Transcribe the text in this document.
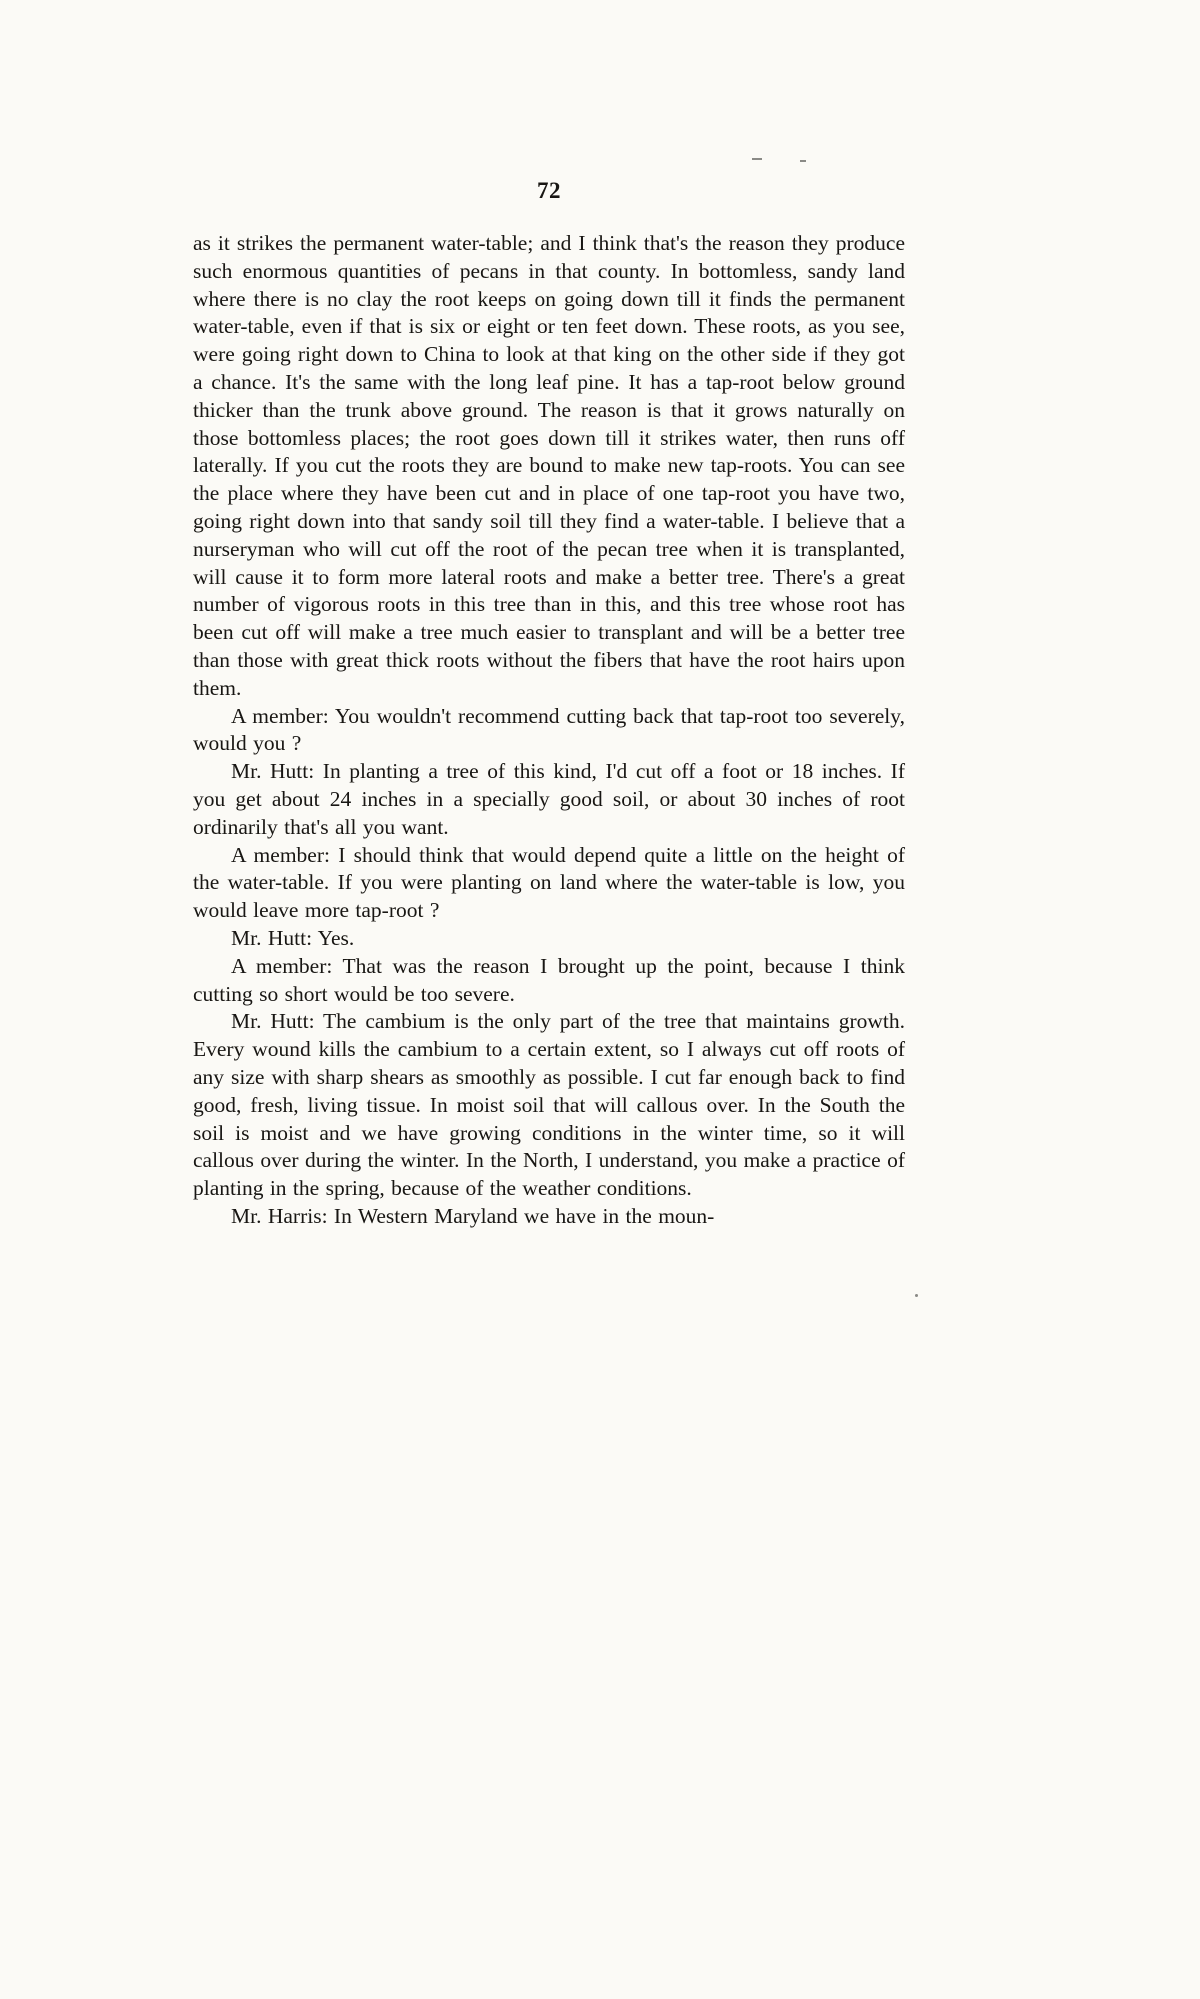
72

as it strikes the permanent water-table; and I think that's the reason they produce such enormous quantities of pecans in that county. In bottomless, sandy land where there is no clay the root keeps on going down till it finds the permanent water-table, even if that is six or eight or ten feet down. These roots, as you see, were going right down to China to look at that king on the other side if they got a chance. It's the same with the long leaf pine. It has a tap-root below ground thicker than the trunk above ground. The reason is that it grows naturally on those bottomless places; the root goes down till it strikes water, then runs off laterally. If you cut the roots they are bound to make new tap-roots. You can see the place where they have been cut and in place of one tap-root you have two, going right down into that sandy soil till they find a water-table. I believe that a nurseryman who will cut off the root of the pecan tree when it is transplanted, will cause it to form more lateral roots and make a better tree. There's a great number of vigorous roots in this tree than in this, and this tree whose root has been cut off will make a tree much easier to transplant and will be a better tree than those with great thick roots without the fibers that have the root hairs upon them.

A member: You wouldn't recommend cutting back that tap-root too severely, would you ?

Mr. Hutt: In planting a tree of this kind, I'd cut off a foot or 18 inches. If you get about 24 inches in a specially good soil, or about 30 inches of root ordinarily that's all you want.

A member: I should think that would depend quite a little on the height of the water-table. If you were planting on land where the water-table is low, you would leave more tap-root ?

Mr. Hutt: Yes.

A member: That was the reason I brought up the point, because I think cutting so short would be too severe.

Mr. Hutt: The cambium is the only part of the tree that maintains growth. Every wound kills the cambium to a certain extent, so I always cut off roots of any size with sharp shears as smoothly as possible. I cut far enough back to find good, fresh, living tissue. In moist soil that will callous over. In the South the soil is moist and we have growing conditions in the winter time, so it will callous over during the winter. In the North, I understand, you make a practice of planting in the spring, because of the weather conditions.

Mr. Harris: In Western Maryland we have in the moun-
